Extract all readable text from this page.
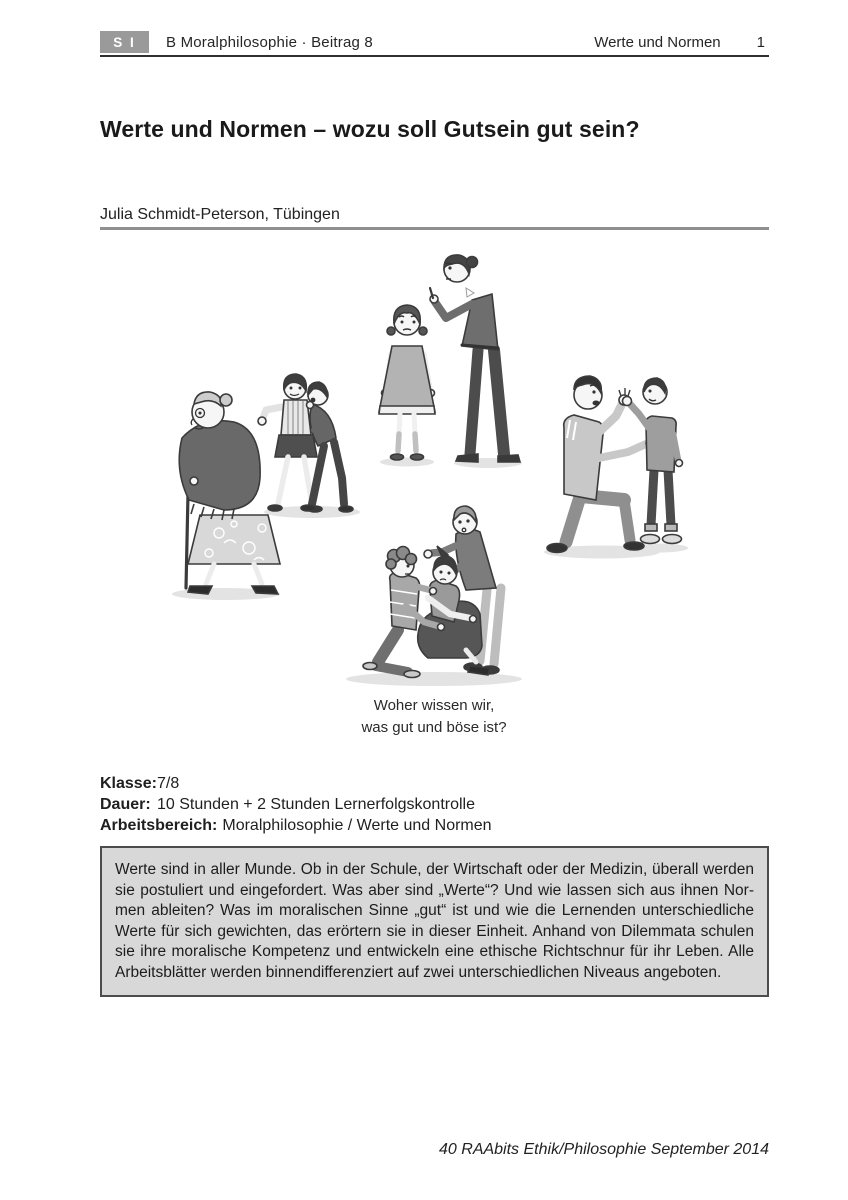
S I	B Moralphilosophie · Beitrag 8	Werte und Normen 1
Werte und Normen – wozu soll Gutsein gut sein?
Julia Schmidt-Peterson, Tübingen
Woher wissen wir,
was gut und böse ist?
Klasse:7/8
Dauer: 10 Stunden + 2 Stunden Lernerfolgskontrolle
Arbeitsbereich: Moralphilosophie / Werte und Normen
Werte sind in aller Munde. Ob in der Schule, der Wirtschaft oder der Medizin, überall werden
sie postuliert und eingefordert. Was aber sind „Werte“? Und wie lassen sich aus ihnen Nor-
men ableiten? Was im moralischen Sinne „gut“ ist und wie die Lernenden unterschiedliche
Werte für sich gewichten, das erörtern sie in dieser Einheit. Anhand von Dilemmata schulen
sie ihre moralische Kompetenz und entwickeln eine ethische Richtschnur für ihr Leben. Alle
Arbeitsblätter werden binnendifferenziert auf zwei unterschiedlichen Niveaus angeboten.
40 RAAbits Ethik/Philosophie September 2014
